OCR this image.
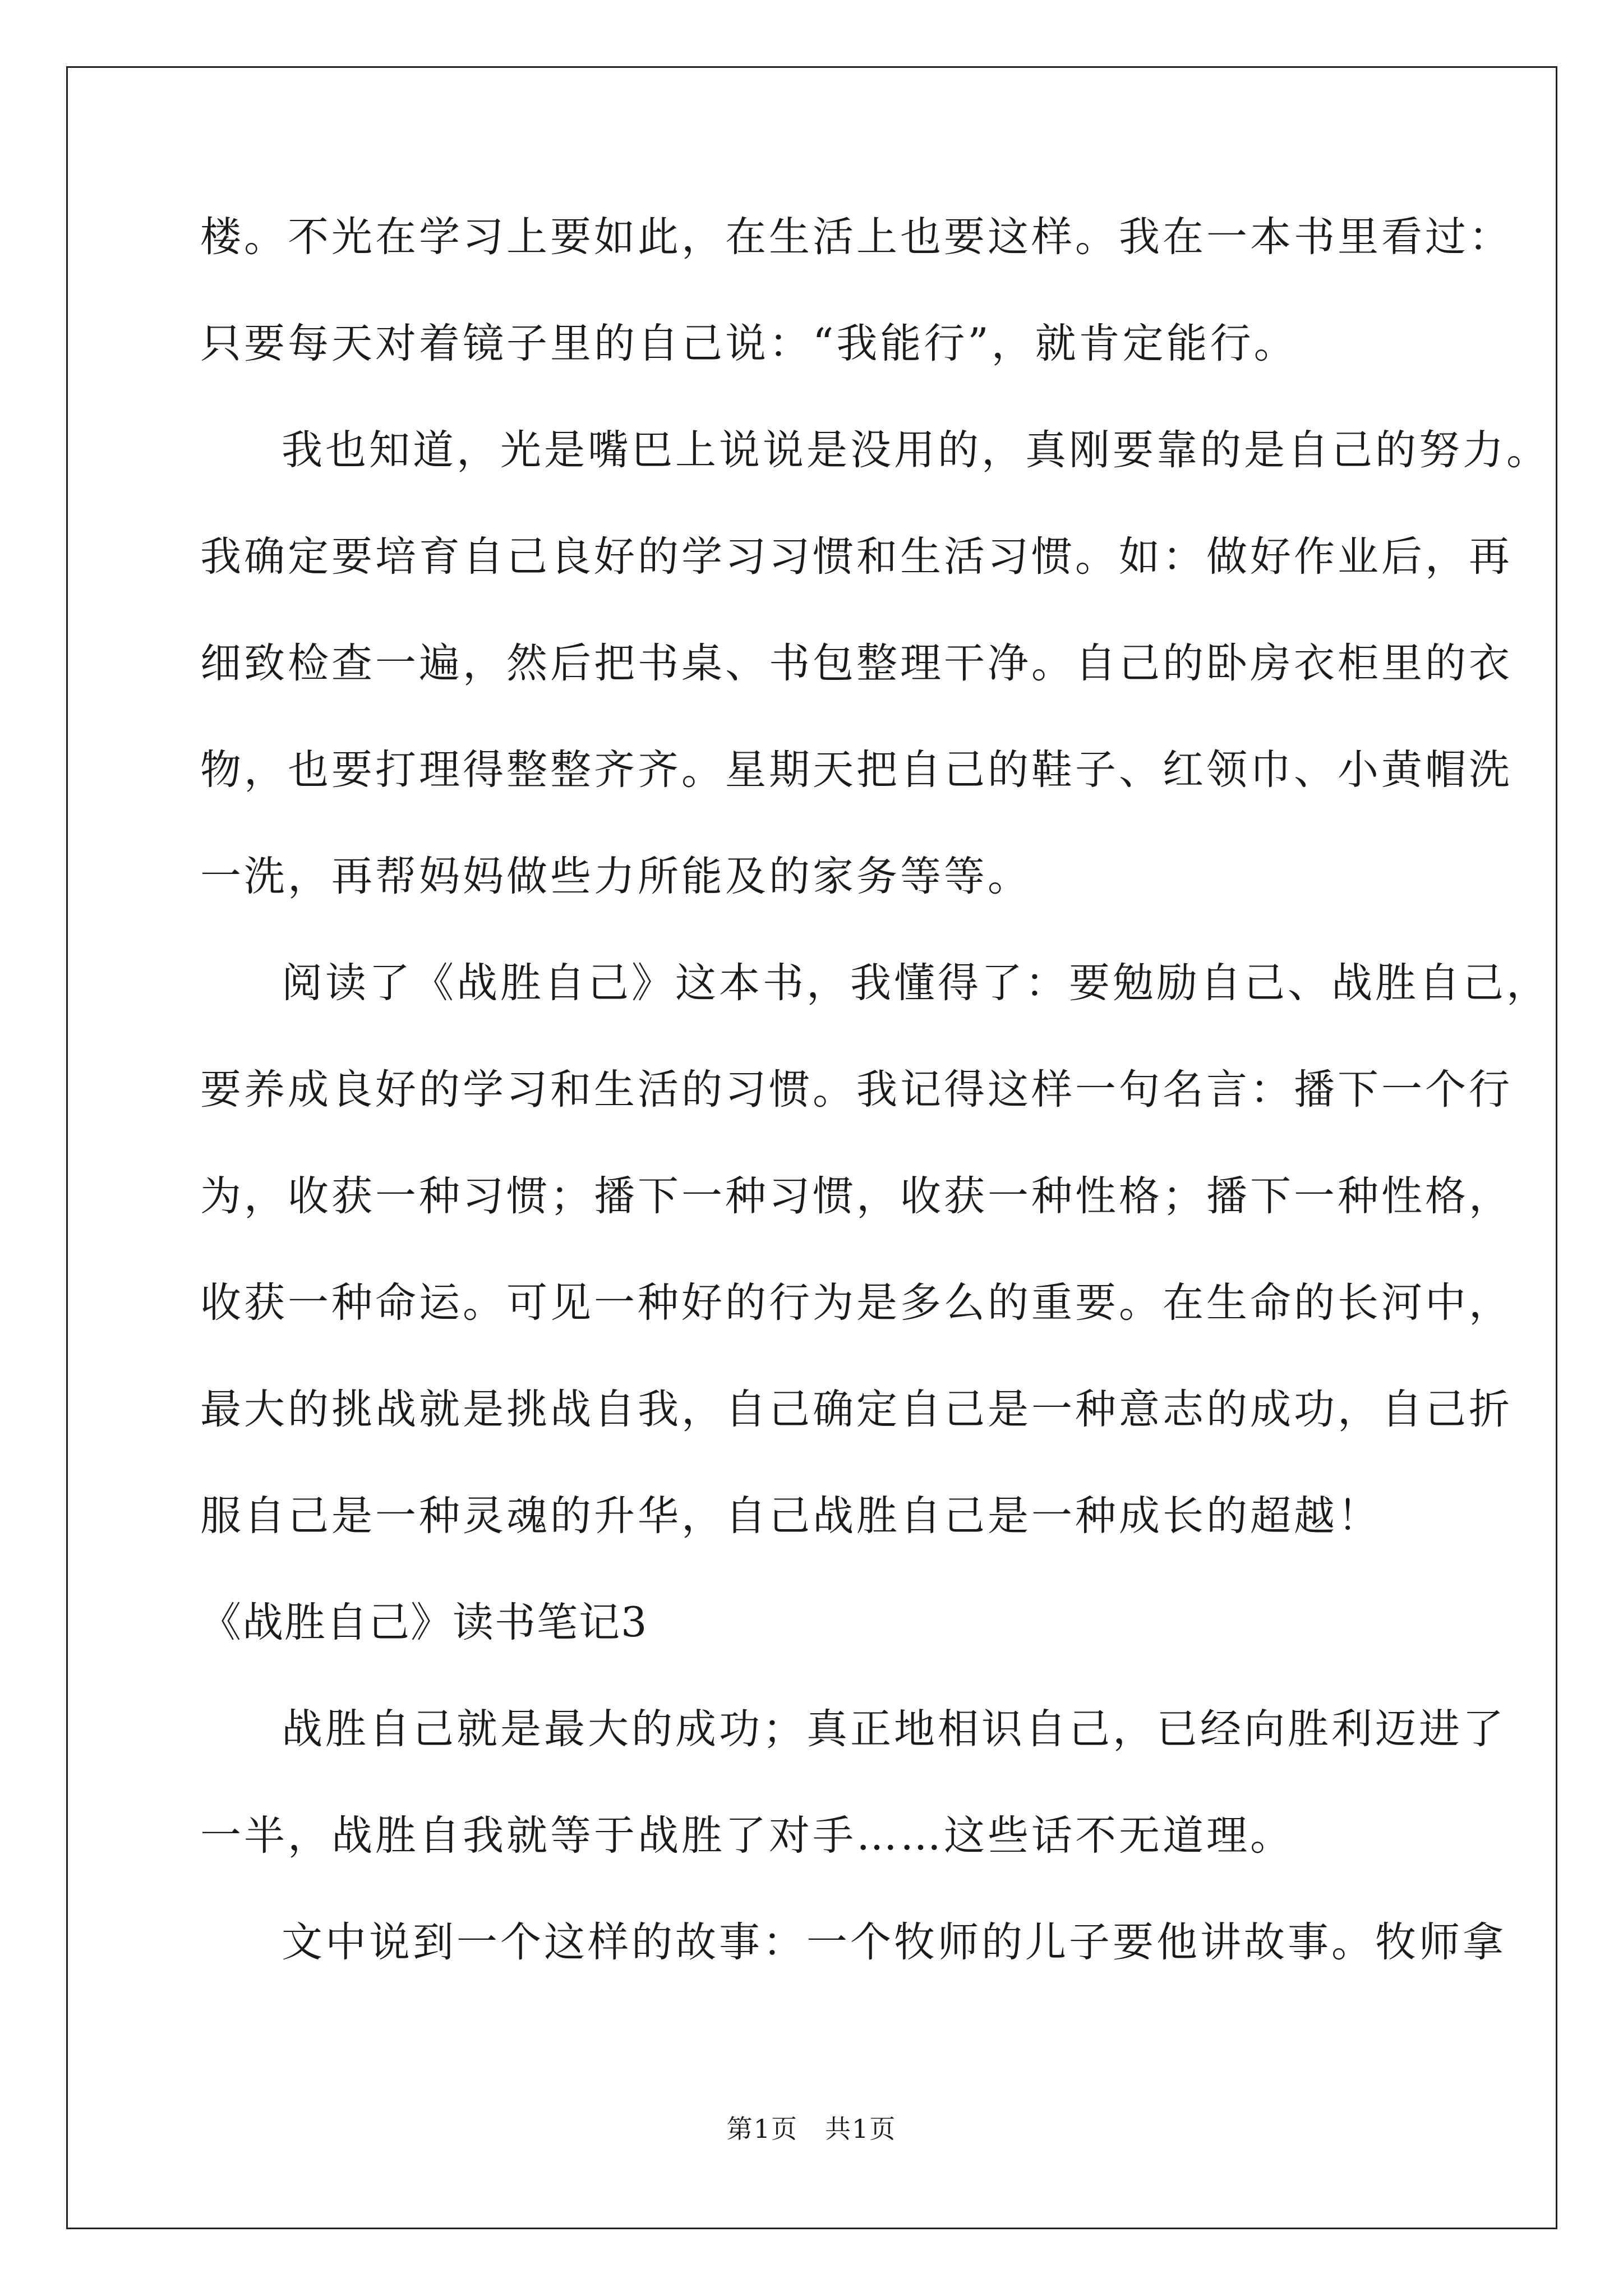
楼。不光在学习上要如此，在生活上也要这样。我在一本书里看过：
只要每天对着镜子里的自己说：“我能行”，就肯定能行。
我也知道，光是嘴巴上说说是没用的，真刚要靠的是自己的努力。
我确定要培育自己良好的学习习惯和生活习惯。如：做好作业后，再
细致检查一遍，然后把书桌、书包整理干净。自己的卧房衣柜里的衣
物，也要打理得整整齐齐。星期天把自己的鞋子、红领巾、小黄帽洗
一洗，再帮妈妈做些力所能及的家务等等。
阅读了《战胜自己》这本书，我懂得了：要勉励自己、战胜自己，
要养成良好的学习和生活的习惯。我记得这样一句名言：播下一个行
为，收获一种习惯；播下一种习惯，收获一种性格；播下一种性格，
收获一种命运。可见一种好的行为是多么的重要。在生命的长河中，
最大的挑战就是挑战自我，自己确定自己是一种意志的成功，自己折
服自己是一种灵魂的升华，自己战胜自己是一种成长的超越！
《战胜自己》读书笔记3
战胜自己就是最大的成功；真正地相识自己，已经向胜利迈进了
一半，战胜自我就等于战胜了对手……这些话不无道理。
文中说到一个这样的故事：一个牧师的儿子要他讲故事。牧师拿
第1页　共1页
